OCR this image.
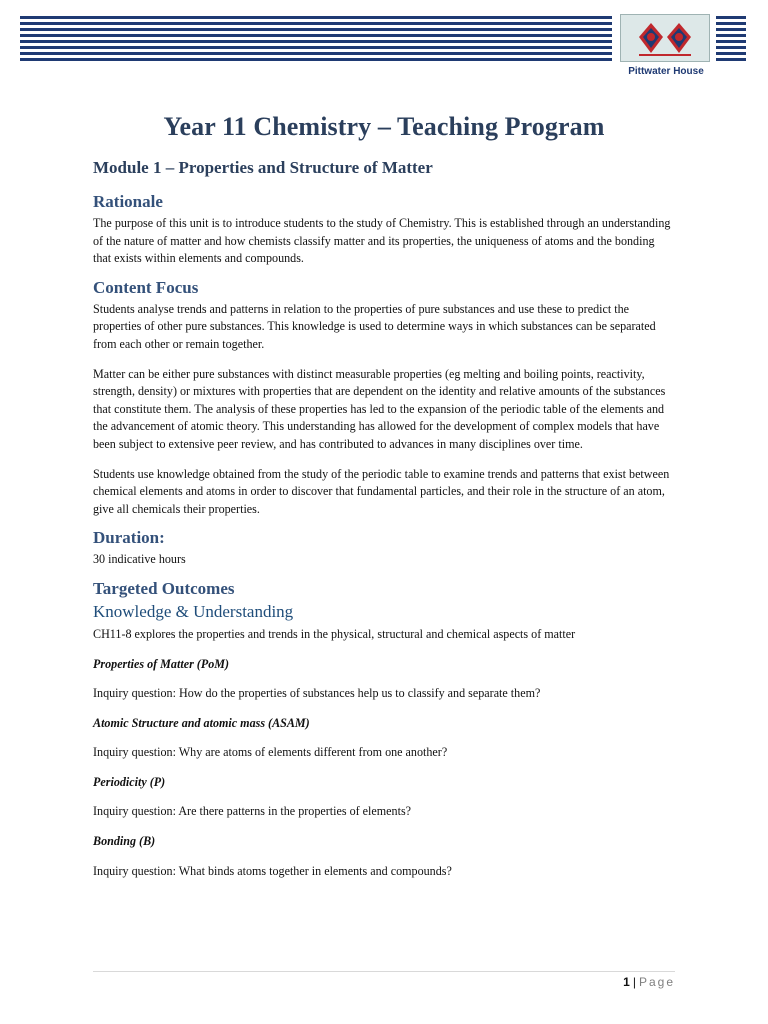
Pittwater House
Year 11 Chemistry – Teaching Program
Module 1 – Properties and Structure of Matter
Rationale

The purpose of this unit is to introduce students to the study of Chemistry. This is established through an understanding of the nature of matter and how chemists classify matter and its properties, the uniqueness of atoms and the bonding that exists within elements and compounds.

Content Focus

Students analyse trends and patterns in relation to the properties of pure substances and use these to predict the properties of other pure substances. This knowledge is used to determine ways in which substances can be separated from each other or remain together.

Matter can be either pure substances with distinct measurable properties (eg melting and boiling points, reactivity, strength, density) or mixtures with properties that are dependent on the identity and relative amounts of the substances that constitute them. The analysis of these properties has led to the expansion of the periodic table of the elements and the advancement of atomic theory. This understanding has allowed for the development of complex models that have been subject to extensive peer review, and has contributed to advances in many disciplines over time.

Students use knowledge obtained from the study of the periodic table to examine trends and patterns that exist between chemical elements and atoms in order to discover that fundamental particles, and their role in the structure of an atom, give all chemicals their properties.

Duration:

30 indicative hours

Targeted Outcomes
Knowledge & Understanding

CH11-8 explores the properties and trends in the physical, structural and chemical aspects of matter

Properties of Matter (PoM)

Inquiry question: How do the properties of substances help us to classify and separate them?

Atomic Structure and atomic mass (ASAM)

Inquiry question: Why are atoms of elements different from one another?

Periodicity (P)

Inquiry question: Are there patterns in the properties of elements?

Bonding (B)

Inquiry question: What binds atoms together in elements and compounds?

1 | Page
